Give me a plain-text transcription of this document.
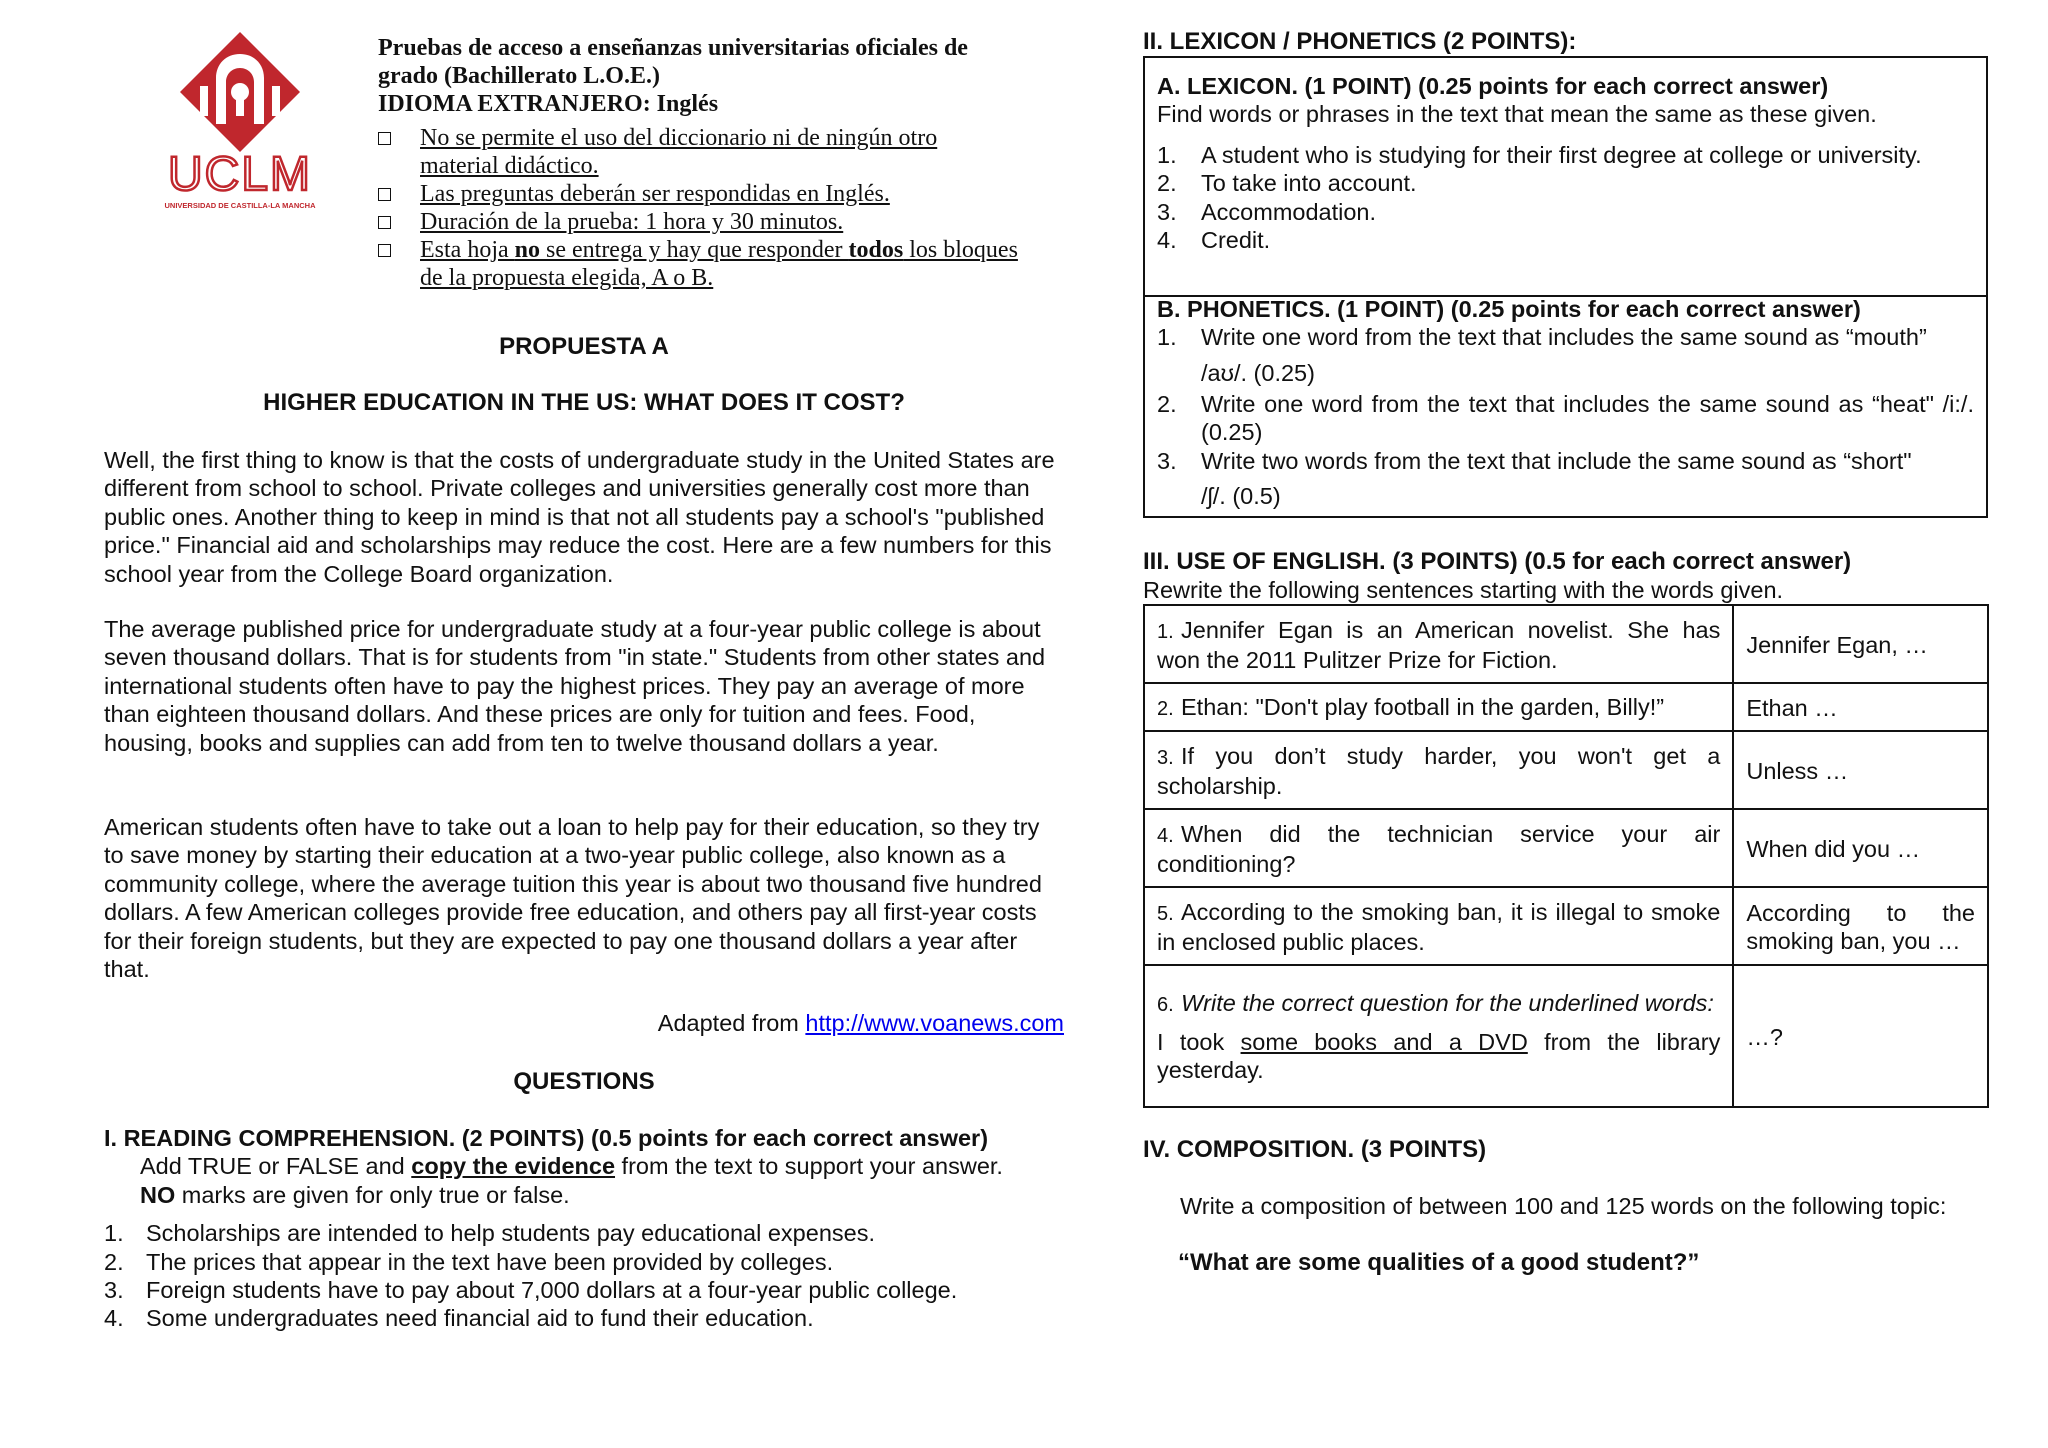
UCLM
UNIVERSIDAD DE CASTILLA-LA MANCHA
Pruebas de acceso a enseñanzas universitarias oficiales de grado (Bachillerato L.O.E.)
IDIOMA EXTRANJERO: Inglés
No se permite el uso del diccionario ni de ningún otro material didáctico.
Las preguntas deberán ser respondidas en Inglés.
Duración de la prueba: 1 hora y 30 minutos.
Esta hoja no se entrega y hay que responder todos los bloques de la propuesta elegida, A o B.
PROPUESTA A
HIGHER EDUCATION IN THE US: WHAT DOES IT COST?

Well, the first thing to know is that the costs of undergraduate study in the United States are different from school to school. Private colleges and universities generally cost more than public ones. Another thing to keep in mind is that not all students pay a school's "published price." Financial aid and scholarships may reduce the cost. Here are a few numbers for this school year from the College Board organization.

The average published price for undergraduate study at a four-year public college is about seven thousand dollars. That is for students from "in state." Students from other states and international students often have to pay the highest prices. They pay an average of more than eighteen thousand dollars. And these prices are only for tuition and fees. Food, housing, books and supplies can add from ten to twelve thousand dollars a year.

American students often have to take out a loan to help pay for their education, so they try to save money by starting their education at a two-year public college, also known as a community college, where the average tuition this year is about two thousand five hundred dollars. A few American colleges provide free education, and others pay all first-year costs for their foreign students, but they are expected to pay one thousand dollars a year after that.

Adapted from http://www.voanews.com
QUESTIONS
I. READING COMPREHENSION. (2 POINTS) (0.5 points for each correct answer)
Add TRUE or FALSE and copy the evidence from the text to support your answer.
NO marks are given for only true or false.
1. Scholarships are intended to help students pay educational expenses.
2. The prices that appear in the text have been provided by colleges.
3. Foreign students have to pay about 7,000 dollars at a four-year public college.
4. Some undergraduates need financial aid to fund their education.
II. LEXICON / PHONETICS (2 POINTS):
A. LEXICON. (1 POINT) (0.25 points for each correct answer)
Find words or phrases in the text that mean the same as these given.
1. A student who is studying for their first degree at college or university.
2. To take into account.
3. Accommodation.
4. Credit.
B. PHONETICS. (1 POINT) (0.25 points for each correct answer)
1. Write one word from the text that includes the same sound as “mouth”
/aʊ/. (0.25)
2. Write one word from the text that includes the same sound as “heat" /i:/. (0.25)
3. Write two words from the text that include the same sound as “short"
/ʃ/. (0.5)
III. USE OF ENGLISH. (3 POINTS) (0.5 for each correct answer)
Rewrite the following sentences starting with the words given.
1. Jennifer Egan is an American novelist. She has won the 2011 Pulitzer Prize for Fiction.	Jennifer Egan, …
2. Ethan: "Don't play football in the garden, Billy!”	Ethan …
3. If you don’t study harder, you won't get a scholarship.	Unless …
4. When did the technician service your air conditioning?	When did you …
5. According to the smoking ban, it is illegal to smoke in enclosed public places.	According to the smoking ban, you …

6. Write the correct question for the underlined words:
I took some books and a DVD from the library yesterday.	…?
IV. COMPOSITION. (3 POINTS)
Write a composition of between 100 and 125 words on the following topic:
“What are some qualities of a good student?”
